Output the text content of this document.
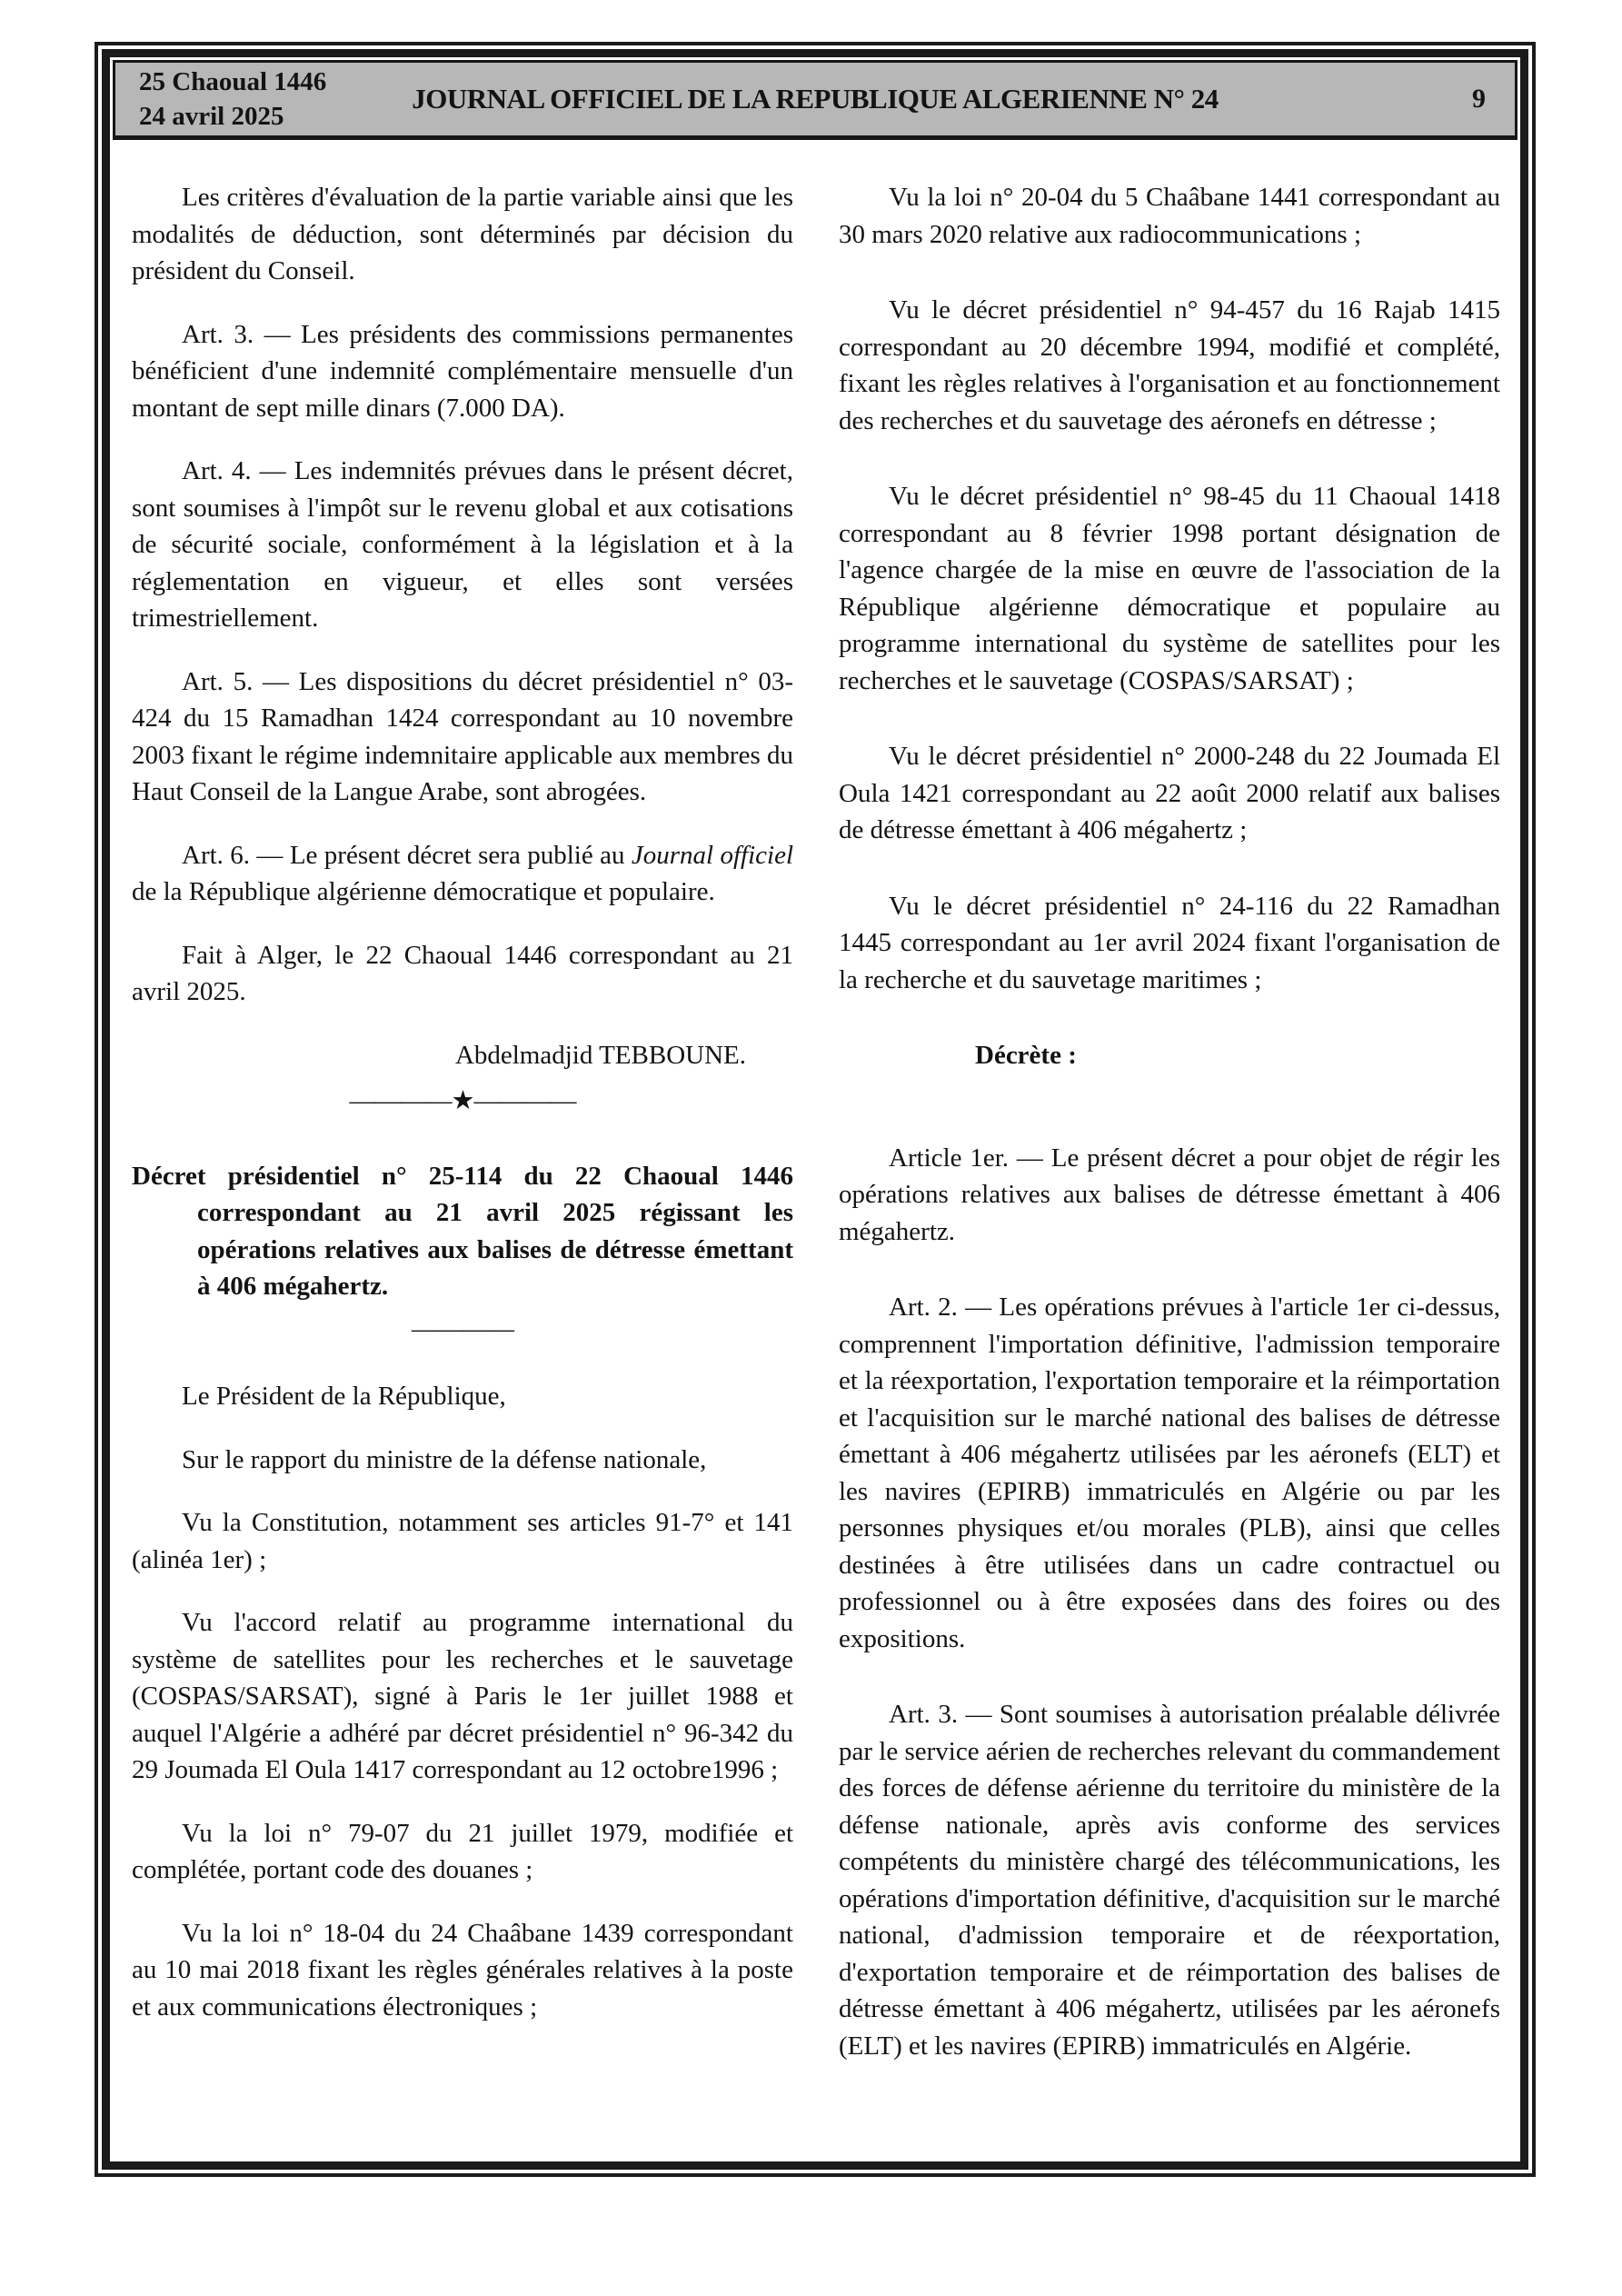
25 Chaoual 1446
24 avril 2025
JOURNAL OFFICIEL DE LA REPUBLIQUE ALGERIENNE N° 24	9

Les critères d'évaluation de la partie variable ainsi que les modalités de déduction, sont déterminés par décision du président du Conseil.

Art. 3. — Les présidents des commissions permanentes bénéficient d'une indemnité complémentaire mensuelle d'un montant de sept mille dinars (7.000 DA).

Art. 4. — Les indemnités prévues dans le présent décret, sont soumises à l'impôt sur le revenu global et aux cotisations de sécurité sociale, conformément à la législation et à la réglementation en vigueur, et elles sont versées trimestriellement.

Art. 5. — Les dispositions du décret présidentiel n° 03-424 du 15 Ramadhan 1424 correspondant au 10 novembre 2003 fixant le régime indemnitaire applicable aux membres du Haut Conseil de la Langue Arabe, sont abrogées.

Art. 6. — Le présent décret sera publié au Journal officiel de la République algérienne démocratique et populaire.

Fait à Alger, le 22 Chaoual 1446 correspondant au 21 avril 2025.

Abdelmadjid TEBBOUNE.

————★————

Décret présidentiel n° 25-114 du 22 Chaoual 1446 correspondant au 21 avril 2025 régissant les opérations relatives aux balises de détresse émettant à 406 mégahertz.

————

Le Président de la République,

Sur le rapport du ministre de la défense nationale,

Vu la Constitution, notamment ses articles 91-7° et 141 (alinéa 1er) ;

Vu l'accord relatif au programme international du système de satellites pour les recherches et le sauvetage (COSPAS/SARSAT), signé à Paris le 1er juillet 1988 et auquel l'Algérie a adhéré par décret présidentiel n° 96-342 du 29 Joumada El Oula 1417 correspondant au 12 octobre1996 ;

Vu la loi n° 79-07 du 21 juillet 1979, modifiée et complétée, portant code des douanes ;

Vu la loi n° 18-04 du 24 Chaâbane 1439 correspondant au 10 mai 2018 fixant les règles générales relatives à la poste et aux communications électroniques ;

Vu la loi n° 20-04 du 5 Chaâbane 1441 correspondant au 30 mars 2020 relative aux radiocommunications ;

Vu le décret présidentiel n° 94-457 du 16 Rajab 1415 correspondant au 20 décembre 1994, modifié et complété, fixant les règles relatives à l'organisation et au fonctionnement des recherches et du sauvetage des aéronefs en détresse ;

Vu le décret présidentiel n° 98-45 du 11 Chaoual 1418 correspondant au 8 février 1998 portant désignation de l'agence chargée de la mise en œuvre de l'association de la République algérienne démocratique et populaire au programme international du système de satellites pour les recherches et le sauvetage (COSPAS/SARSAT) ;

Vu le décret présidentiel n° 2000-248 du 22 Joumada El Oula 1421 correspondant au 22 août 2000 relatif aux balises de détresse émettant à 406 mégahertz ;

Vu le décret présidentiel n° 24-116 du 22 Ramadhan 1445 correspondant au 1er avril 2024 fixant l'organisation de la recherche et du sauvetage maritimes ;

Décrète :

Article 1er. — Le présent décret a pour objet de régir les opérations relatives aux balises de détresse émettant à 406 mégahertz.

Art. 2. — Les opérations prévues à l'article 1er ci-dessus, comprennent l'importation définitive, l'admission temporaire et la réexportation, l'exportation temporaire et la réimportation et l'acquisition sur le marché national des balises de détresse émettant à 406 mégahertz utilisées par les aéronefs (ELT) et les navires (EPIRB) immatriculés en Algérie ou par les personnes physiques et/ou morales (PLB), ainsi que celles destinées à être utilisées dans un cadre contractuel ou professionnel ou à être exposées dans des foires ou des expositions.

Art. 3. — Sont soumises à autorisation préalable délivrée par le service aérien de recherches relevant du commandement des forces de défense aérienne du territoire du ministère de la défense nationale, après avis conforme des services compétents du ministère chargé des télécommunications, les opérations d'importation définitive, d'acquisition sur le marché national, d'admission temporaire et de réexportation, d'exportation temporaire et de réimportation des balises de détresse émettant à 406 mégahertz, utilisées par les aéronefs (ELT) et les navires (EPIRB) immatriculés en Algérie.
